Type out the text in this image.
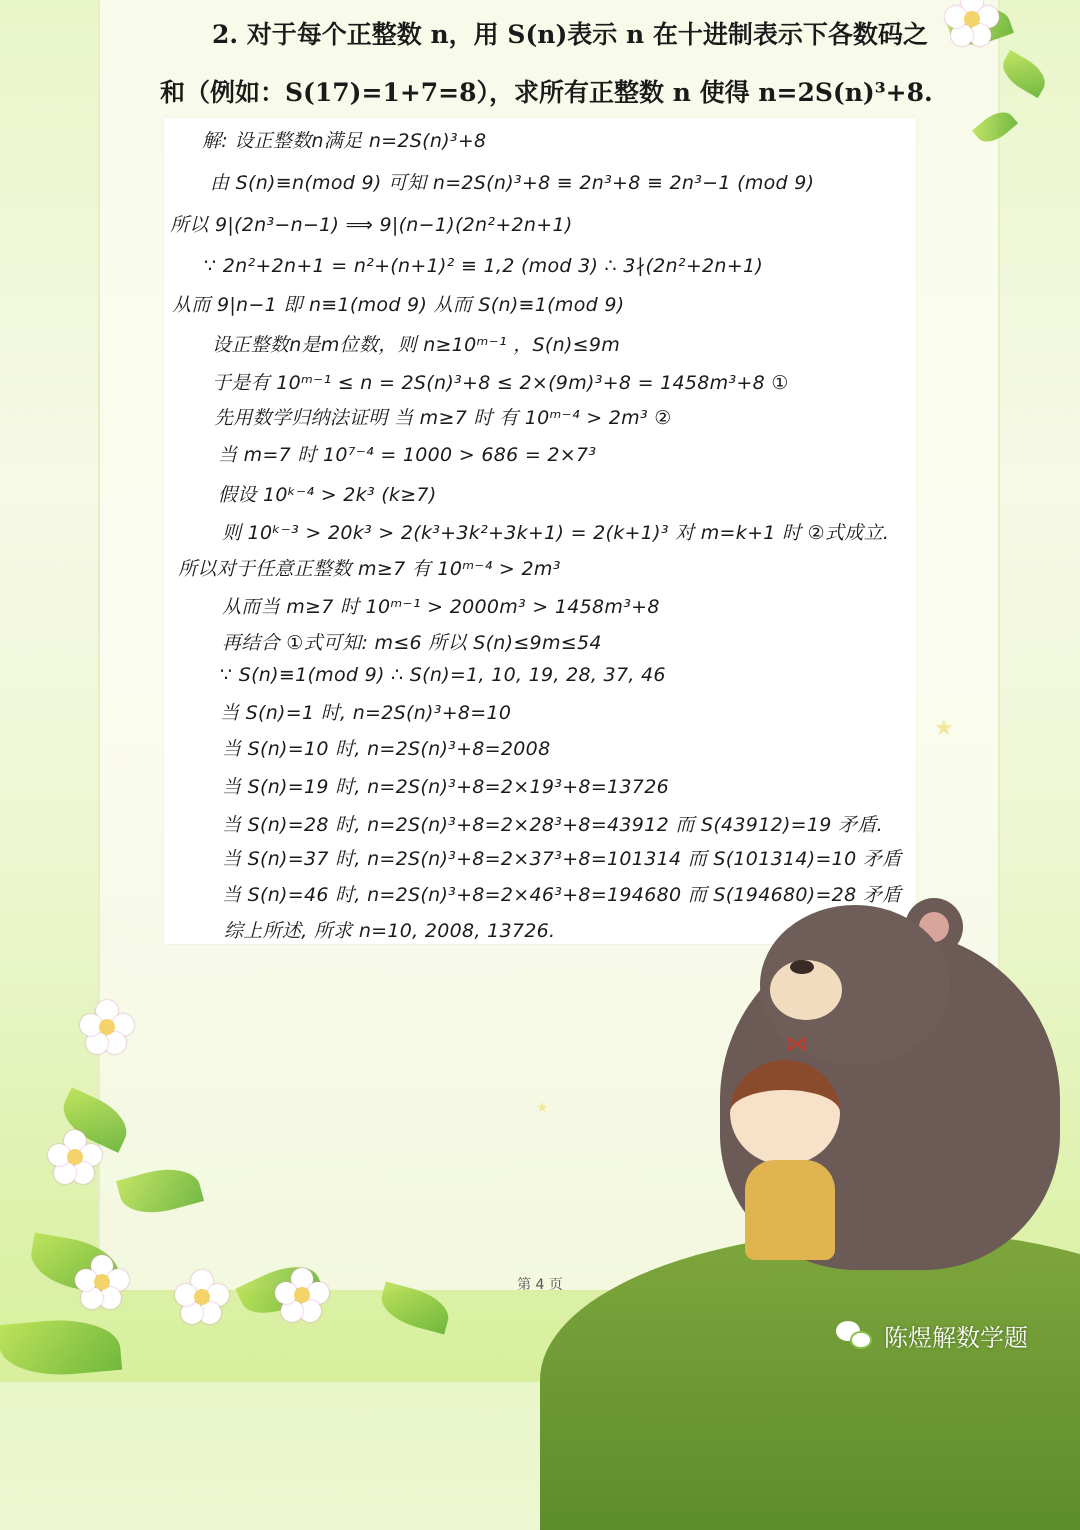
★
★
2. 对于每个正整数 n，用 S(n)表示 n 在十进制表示下各数码之
和（例如：S(17)=1+7=8），求所有正整数 n 使得 n=2S(n)³+8.
解: 设正整数n满足 n=2S(n)³+8
由 S(n)≡n(mod 9) 可知 n=2S(n)³+8 ≡ 2n³+8 ≡ 2n³−1 (mod 9)
所以 9|(2n³−n−1) ⟹ 9|(n−1)(2n²+2n+1)
∵ 2n²+2n+1 = n²+(n+1)² ≡ 1,2 (mod 3) ∴ 3∤(2n²+2n+1)
从而 9|n−1 即 n≡1(mod 9) 从而 S(n)≡1(mod 9)
设正整数n是m位数，则 n≥10ᵐ⁻¹ ，S(n)≤9m
于是有 10ᵐ⁻¹ ≤ n = 2S(n)³+8 ≤ 2×(9m)³+8 = 1458m³+8 ①
先用数学归纳法证明 当 m≥7 时 有 10ᵐ⁻⁴ > 2m³ ②
当 m=7 时 10⁷⁻⁴ = 1000 > 686 = 2×7³
假设 10ᵏ⁻⁴ > 2k³ (k≥7)
则 10ᵏ⁻³ > 20k³ > 2(k³+3k²+3k+1) = 2(k+1)³ 对 m=k+1 时 ②式成立.
所以对于任意正整数 m≥7 有 10ᵐ⁻⁴ > 2m³
从而当 m≥7 时 10ᵐ⁻¹ > 2000m³ > 1458m³+8
再结合 ①式可知: m≤6 所以 S(n)≤9m≤54
∵ S(n)≡1(mod 9) ∴ S(n)=1, 10, 19, 28, 37, 46
当 S(n)=1 时, n=2S(n)³+8=10
当 S(n)=10 时, n=2S(n)³+8=2008
当 S(n)=19 时, n=2S(n)³+8=2×19³+8=13726
当 S(n)=28 时, n=2S(n)³+8=2×28³+8=43912 而 S(43912)=19 矛盾.
当 S(n)=37 时, n=2S(n)³+8=2×37³+8=101314 而 S(101314)=10 矛盾
当 S(n)=46 时, n=2S(n)³+8=2×46³+8=194680 而 S(194680)=28 矛盾
综上所述, 所求 n=10, 2008, 13726.
⋈
第 4 页
陈煜解数学题
